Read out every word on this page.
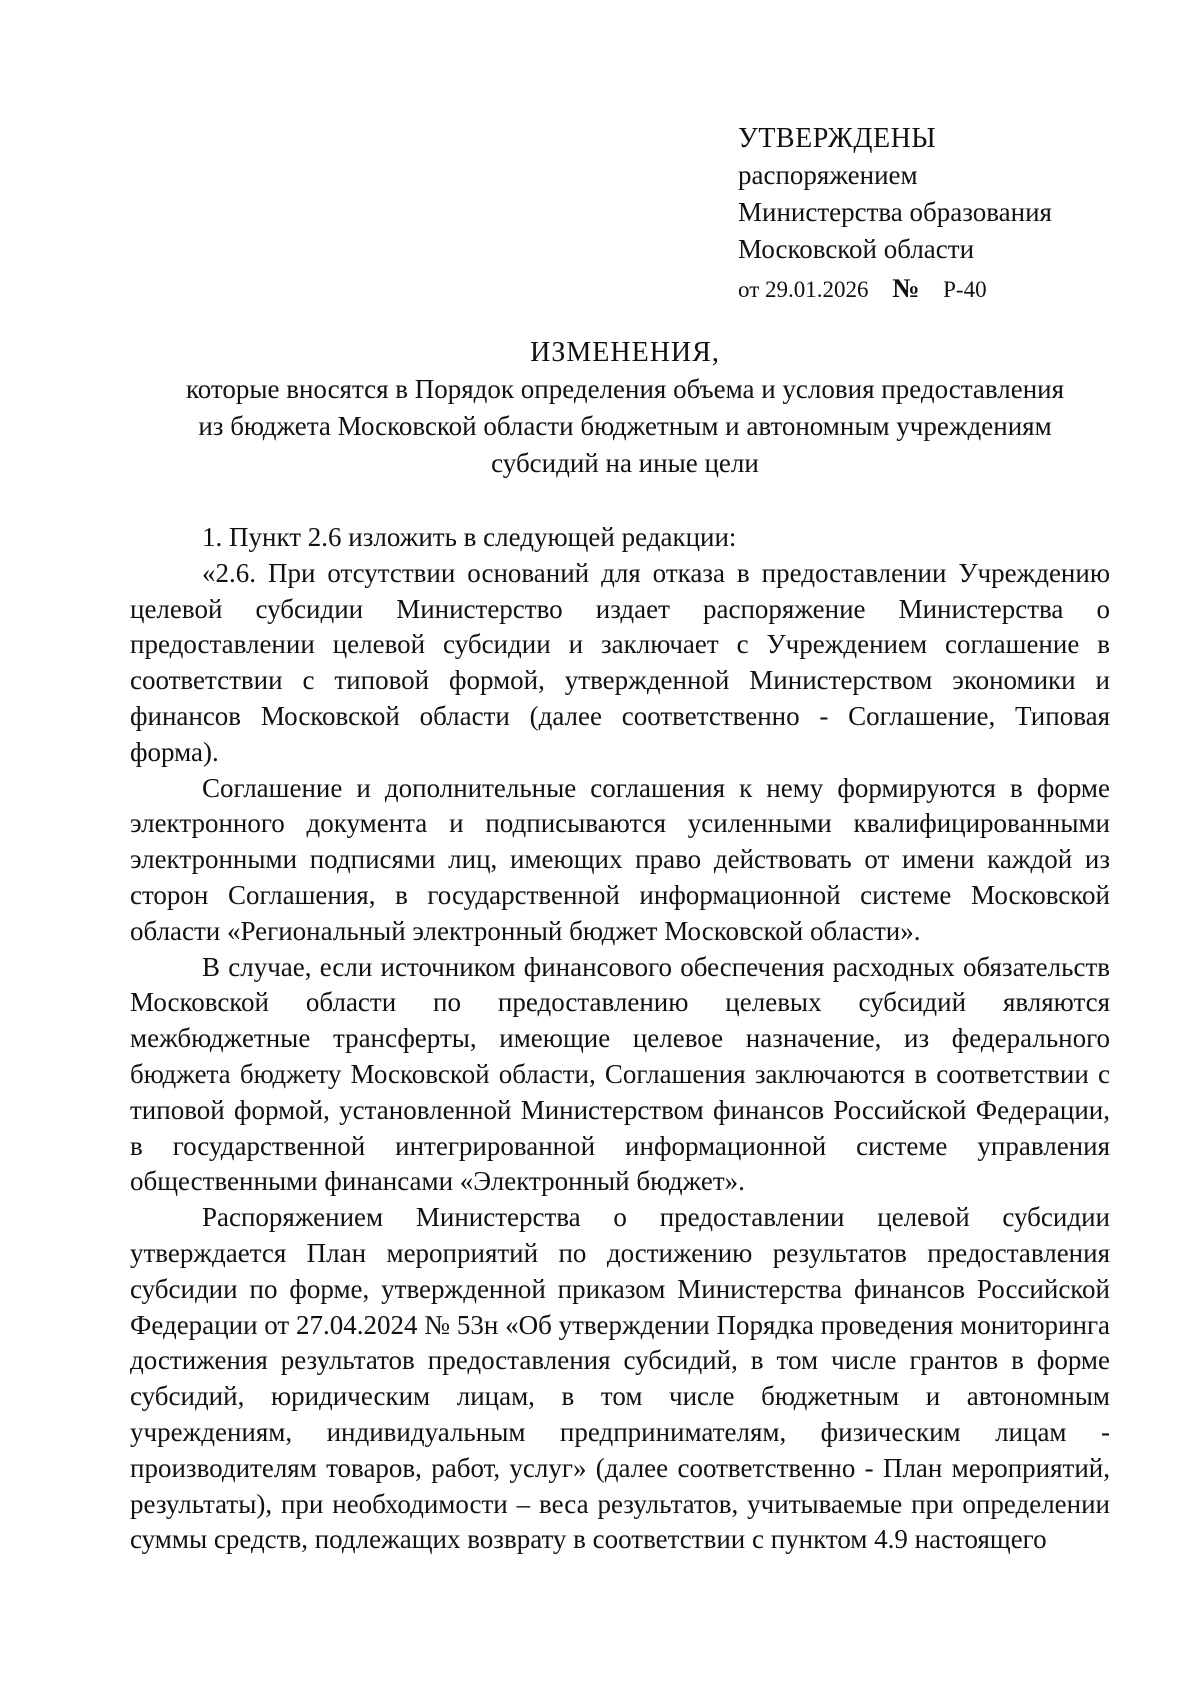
УТВЕРЖДЕНЫ
распоряжением
Министерства образования
Московской области
от 29.01.2026 № Р-40
ИЗМЕНЕНИЯ,
которые вносятся в Порядок определения объема и условия предоставления
из бюджета Московской области бюджетным и автономным учреждениям
субсидий на иные цели

1. Пункт 2.6 изложить в следующей редакции:

«2.6. При отсутствии оснований для отказа в предоставлении Учреждению целевой субсидии Министерство издает распоряжение Министерства о предоставлении целевой субсидии и заключает с Учреждением соглашение в соответствии с типовой формой, утвержденной Министерством экономики и финансов Московской области (далее соответственно - Соглашение, Типовая форма).

Соглашение и дополнительные соглашения к нему формируются в форме электронного документа и подписываются усиленными квалифицированными электронными подписями лиц, имеющих право действовать от имени каждой из сторон Соглашения, в государственной информационной системе Московской области «Региональный электронный бюджет Московской области».

В случае, если источником финансового обеспечения расходных обязательств Московской области по предоставлению целевых субсидий являются межбюджетные трансферты, имеющие целевое назначение, из федерального бюджета бюджету Московской области, Соглашения заключаются в соответствии с типовой формой, установленной Министерством финансов Российской Федерации, в государственной интегрированной информационной системе управления общественными финансами «Электронный бюджет».

Распоряжением Министерства о предоставлении целевой субсидии утверждается План мероприятий по достижению результатов предоставления субсидии по форме, утвержденной приказом Министерства финансов Российской Федерации от 27.04.2024 № 53н «Об утверждении Порядка проведения мониторинга достижения результатов предоставления субсидий, в том числе грантов в форме субсидий, юридическим лицам, в том числе бюджетным и автономным учреждениям, индивидуальным предпринимателям, физическим лицам - производителям товаров, работ, услуг» (далее соответственно - План мероприятий, результаты), при необходимости – веса результатов, учитываемые при определении суммы средств, подлежащих возврату в соответствии с пунктом 4.9 настоящего
